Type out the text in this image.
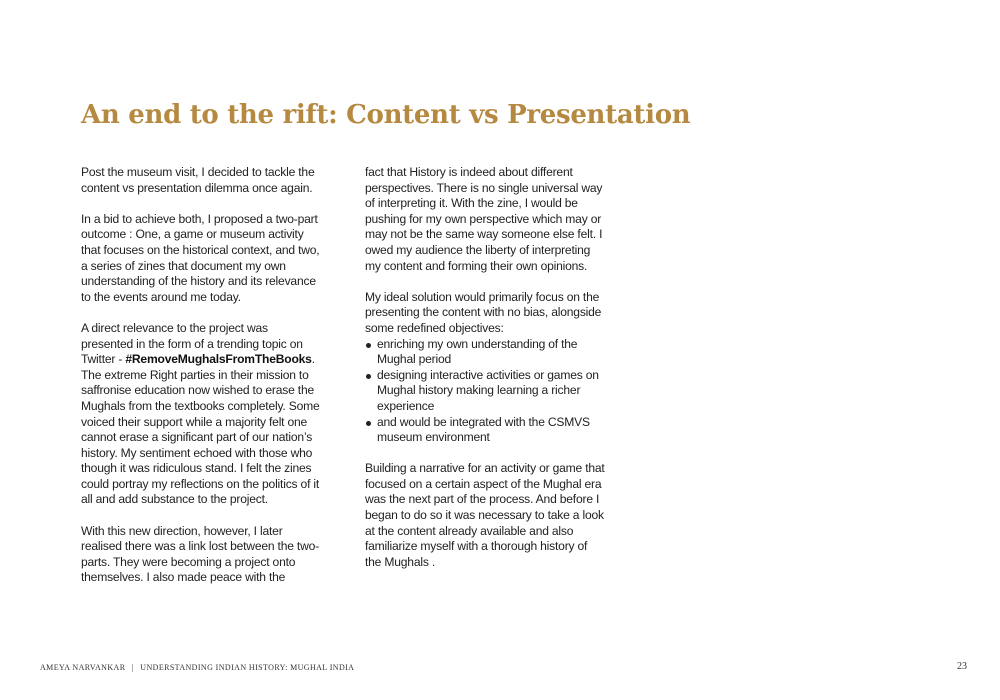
An end to the rift: Content vs Presentation

Post the museum visit, I decided to tackle the content vs presentation dilemma once again.

In a bid to achieve both, I proposed a two-part outcome : One, a game or museum activity that focuses on the historical context, and two, a series of zines that document my own understanding of the history and its relevance to the events around me today.

A direct relevance to the project was presented in the form of a trending topic on Twitter - #RemoveMughalsFromTheBooks. The extreme Right parties in their mission to saffronise education now wished to erase the Mughals from the textbooks completely. Some voiced their support while a majority felt one cannot erase a significant part of our nation’s history. My sentiment echoed with those who though it was ridiculous stand. I felt the zines could portray my reflections on the politics of it all and add substance to the project.

With this new direction, however, I later realised there was a link lost between the two-parts. They were becoming a project onto themselves. I also made peace with the

fact that History is indeed about different perspectives. There is no single universal way of interpreting it. With the zine, I would be pushing for my own perspective which may or may not be the same way someone else felt. I owed my audience the liberty of interpreting my content and forming their own opinions.

My ideal solution would primarily focus on the presenting the content with no bias, alongside some redefined objectives:

enriching my own understanding of the Mughal period
designing interactive activities or games on Mughal history making learning a richer experience
and would be integrated with the CSMVS museum environment

Building a narrative for an activity or game that focused on a certain aspect of the Mughal era was the next part of the process. And before I began to do so it was necessary to take a look at the content already available and also familiarize myself with a thorough history of the Mughals .

AMEYA NARVANKAR | UNDERSTANDING INDIAN HISTORY: MUGHAL INDIA	23
